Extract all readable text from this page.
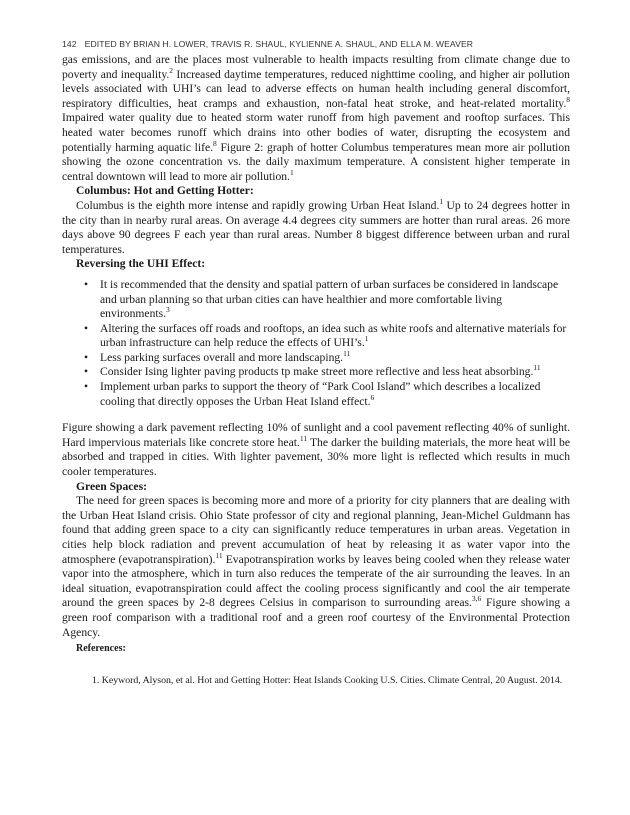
142 EDITED BY BRIAN H. LOWER, TRAVIS R. SHAUL, KYLIENNE A. SHAUL, AND ELLA M. WEAVER

gas emissions, and are the places most vulnerable to health impacts resulting from climate change due to poverty and inequality.$^2$ Increased daytime temperatures, reduced nighttime cooling, and higher air pollution levels associated with UHI’s can lead to adverse effects on human health including general discomfort, respiratory difficulties, heat cramps and exhaustion, non-fatal heat stroke, and heat-related mortality.$^8$ Impaired water quality due to heated storm water runoff from high pavement and rooftop surfaces. This heated water becomes runoff which drains into other bodies of water, disrupting the ecosystem and potentially harming aquatic life.$^8$ Figure 2: graph of hotter Columbus temperatures mean more air pollution showing the ozone concentration vs. the daily maximum temperature. A consistent higher temperate in central downtown will lead to more air pollution.$^1$

Columbus: Hot and Getting Hotter:

Columbus is the eighth more intense and rapidly growing Urban Heat Island.$^1$ Up to 24 degrees hotter in the city than in nearby rural areas. On average 4.4 degrees city summers are hotter than rural areas. 26 more days above 90 degrees F each year than rural areas. Number 8 biggest difference between urban and rural temperatures.

Reversing the UHI Effect:

• It is recommended that the density and spatial pattern of urban surfaces be considered in landscape and urban planning so that urban cities can have healthier and more comfortable living environments.$^3$
• Altering the surfaces off roads and rooftops, an idea such as white roofs and alternative materials for urban infrastructure can help reduce the effects of UHI’s.$^1$
• Less parking surfaces overall and more landscaping.$^{11}$
• Consider Ising lighter paving products tp make street more reflective and less heat absorbing.$^{11}$
• Implement urban parks to support the theory of “Park Cool Island” which describes a localized cooling that directly opposes the Urban Heat Island effect.$^6$

Figure showing a dark pavement reflecting 10% of sunlight and a cool pavement reflecting 40% of sunlight. Hard impervious materials like concrete store heat.$^{11}$ The darker the building materials, the more heat will be absorbed and trapped in cities. With lighter pavement, 30% more light is reflected which results in much cooler temperatures.

Green Spaces:

The need for green spaces is becoming more and more of a priority for city planners that are dealing with the Urban Heat Island crisis. Ohio State professor of city and regional planning, Jean-Michel Guldmann has found that adding green space to a city can significantly reduce temperatures in urban areas. Vegetation in cities help block radiation and prevent accumulation of heat by releasing it as water vapor into the atmosphere (evapotranspiration).$^{11}$ Evapotranspiration works by leaves being cooled when they release water vapor into the atmosphere, which in turn also reduces the temperate of the air surrounding the leaves. In an ideal situation, evapotranspiration could affect the cooling process significantly and cool the air temperate around the green spaces by 2-8 degrees Celsius in comparison to surrounding areas.$^{3,6}$ Figure showing a green roof comparison with a traditional roof and a green roof courtesy of the Environmental Protection Agency.

References:

1. Keyword, Alyson, et al. Hot and Getting Hotter: Heat Islands Cooking U.S. Cities. Climate Central, 20 August. 2014.
